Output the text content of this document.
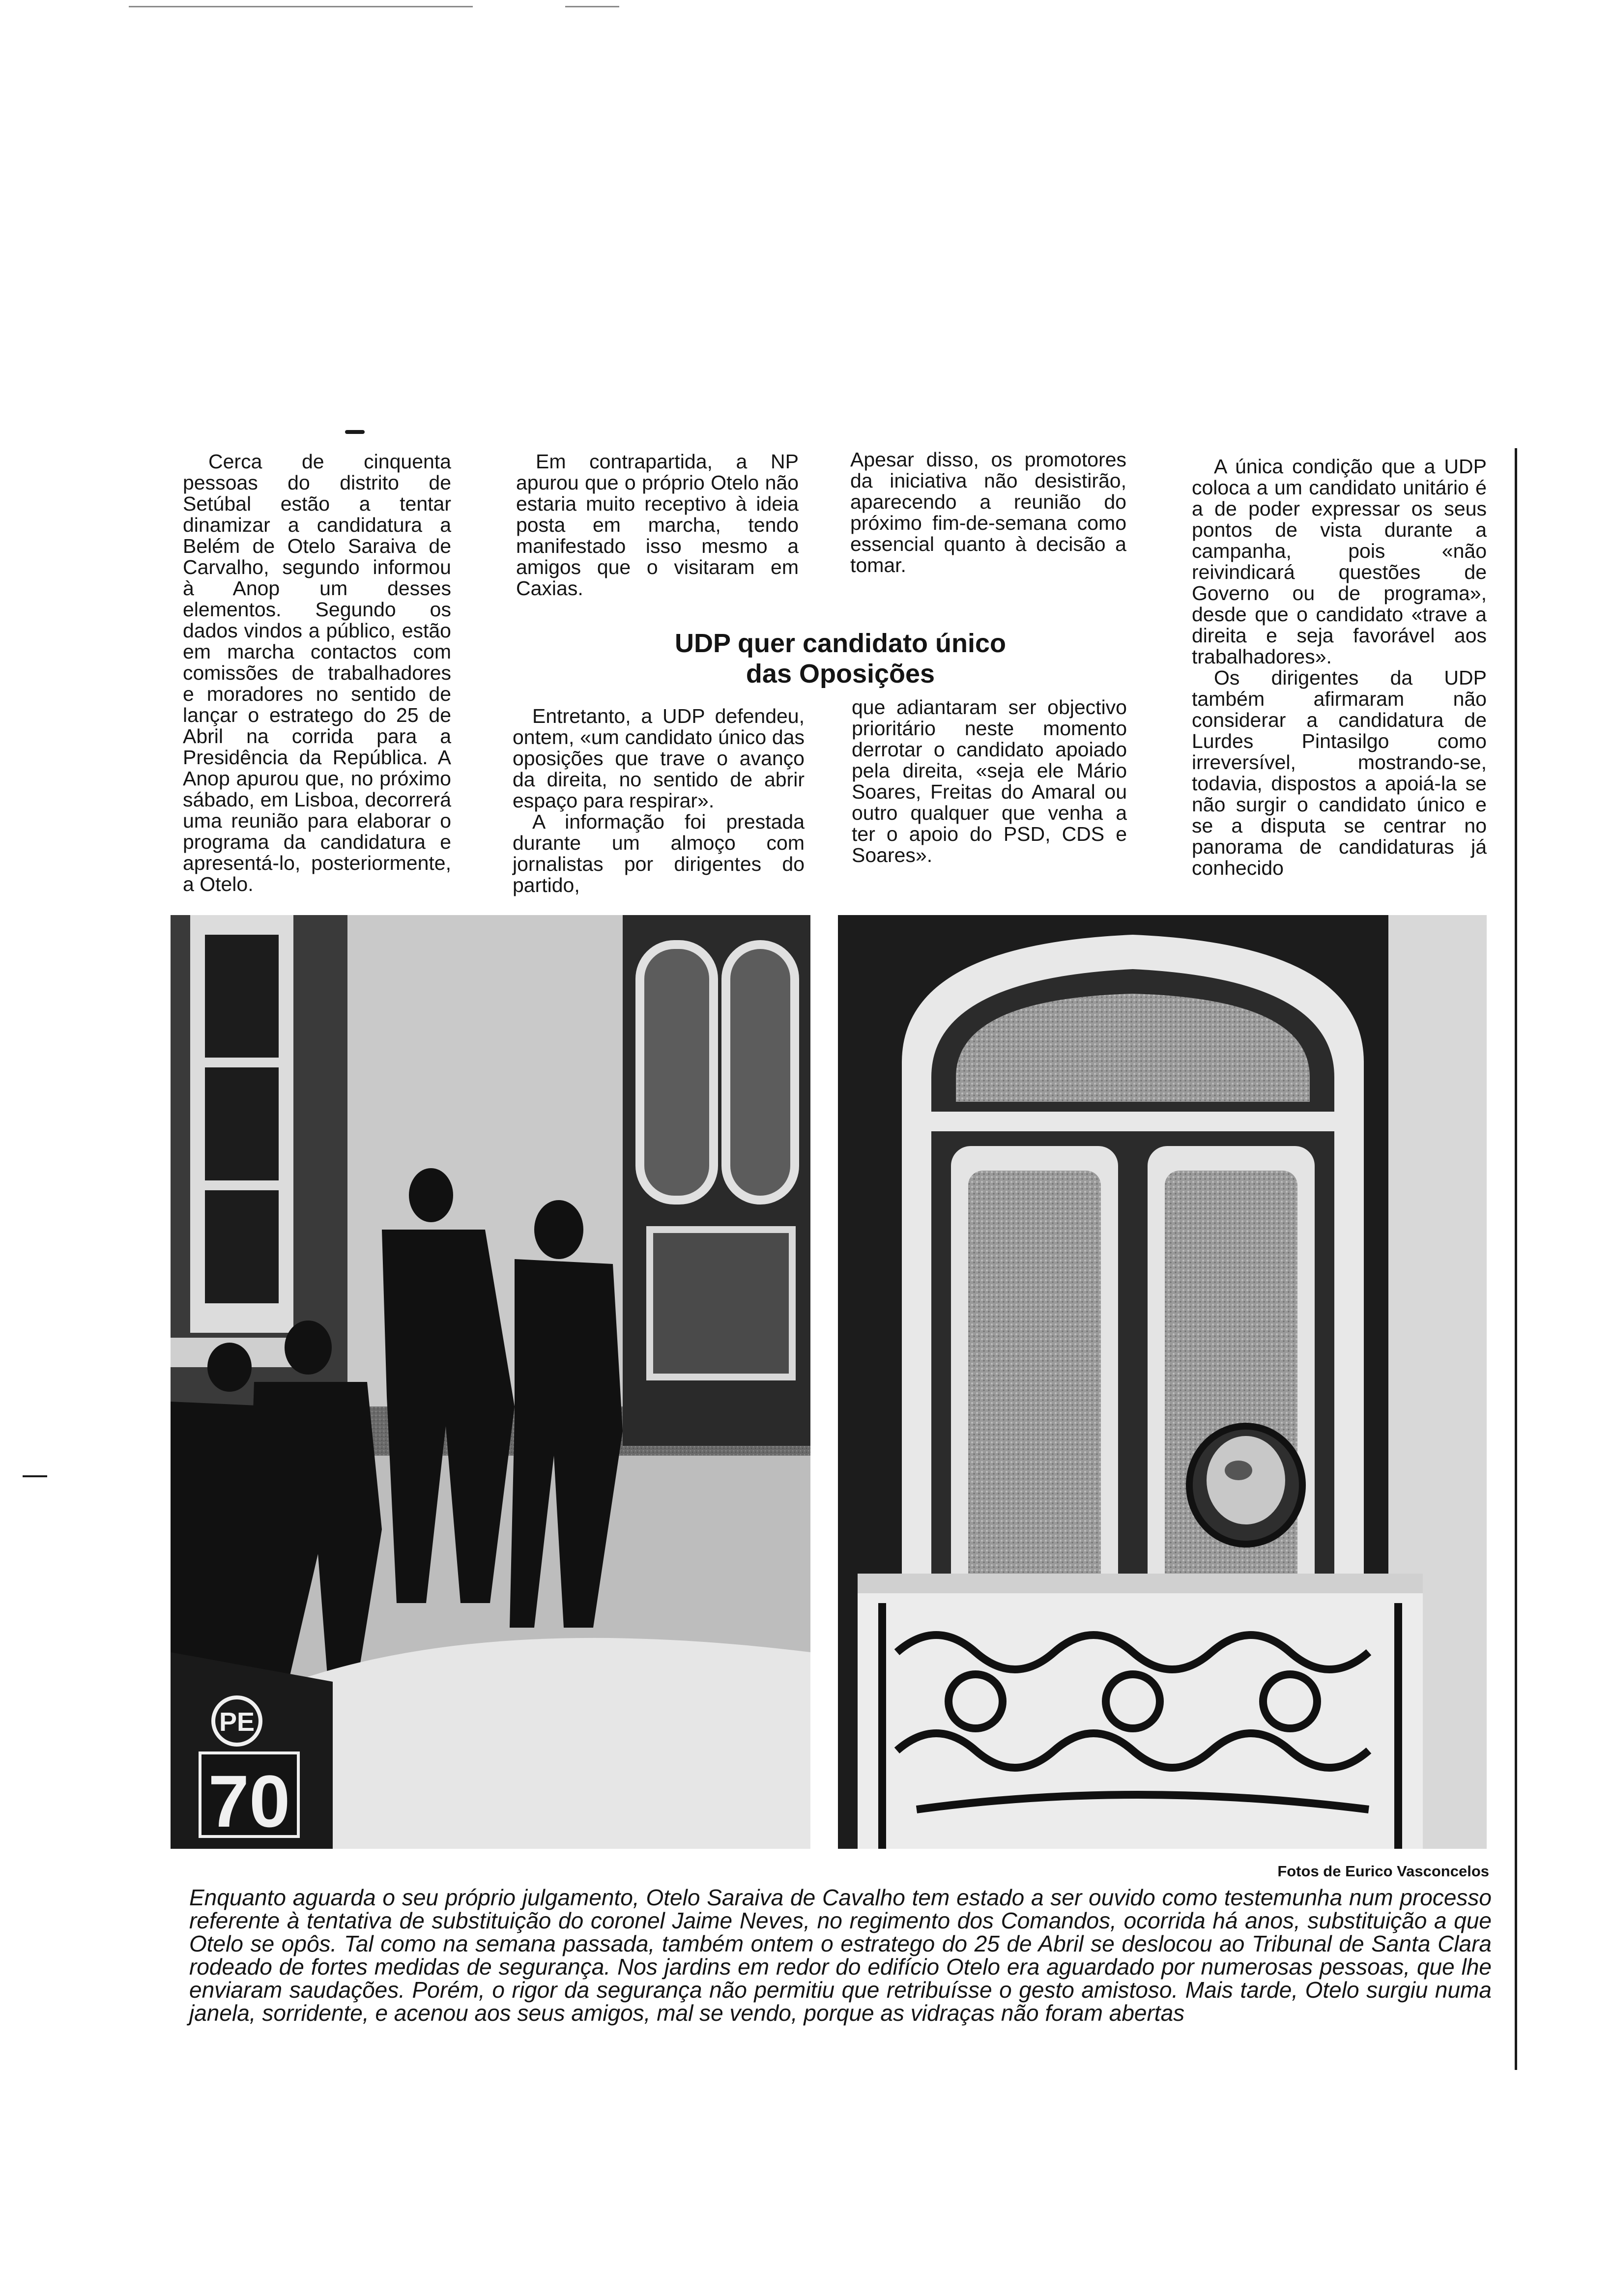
Cerca de cinquenta pessoas do distrito de Setúbal estão a tentar dinamizar a candidatura a Belém de Otelo Saraiva de Carvalho, segundo informou à Anop um desses elementos. Segundo os dados vindos a público, estão em marcha contactos com comissões de trabalhadores e moradores no sentido de lançar o estratego do 25 de Abril na corrida para a Presidência da República. A Anop apurou que, no próximo sábado, em Lisboa, decorrerá uma reunião para elaborar o programa da candidatura e apresentá-lo, posteriormente, a Otelo.

Em contrapartida, a NP apurou que o próprio Otelo não estaria muito receptivo à ideia posta em marcha, tendo manifestado isso mesmo a amigos que o visitaram em Caxias.

Apesar disso, os promotores da iniciativa não desistirão, aparecendo a reunião do próximo fim-de-semana como essencial quanto à decisão a tomar.

UDP quer candidato único
das Oposições

Entretanto, a UDP defendeu, ontem, «um candidato único das oposições que trave o avanço da direita, no sentido de abrir espaço para respirar».

A informação foi prestada durante um almoço com jornalistas por dirigentes do partido,

que adiantaram ser objectivo prioritário neste momento derrotar o candidato apoiado pela direita, «seja ele Mário Soares, Freitas do Amaral ou outro qualquer que venha a ter o apoio do PSD, CDS e Soares».

A única condição que a UDP coloca a um candidato unitário é a de poder expressar os seus pontos de vista durante a campanha, pois «não reivindicará questões de Governo ou de programa», desde que o candidato «trave a direita e seja favorável aos trabalhadores».

Os dirigentes da UDP também afirmaram não considerar a candidatura de Lurdes Pintasilgo como irreversível, mostrando-se, todavia, dispostos a apoiá-la se não surgir o candidato único e se a disputa se centrar no panorama de candidaturas já conhecido

PE
70
Fotos de Eurico Vasconcelos
Enquanto aguarda o seu próprio julgamento, Otelo Saraiva de Cavalho tem estado a ser ouvido como testemunha num processo referente à tentativa de substituição do coronel Jaime Neves, no regimento dos Comandos, ocorrida há anos, substituição a que Otelo se opôs. Tal como na semana passada, também ontem o estratego do 25 de Abril se deslocou ao Tribunal de Santa Clara rodeado de fortes medidas de segurança. Nos jardins em redor do edifício Otelo era aguardado por numerosas pessoas, que lhe enviaram saudações. Porém, o rigor da segurança não permitiu que retribuísse o gesto amistoso. Mais tarde, Otelo surgiu numa janela, sorridente, e acenou aos seus amigos, mal se vendo, porque as vidraças não foram abertas
